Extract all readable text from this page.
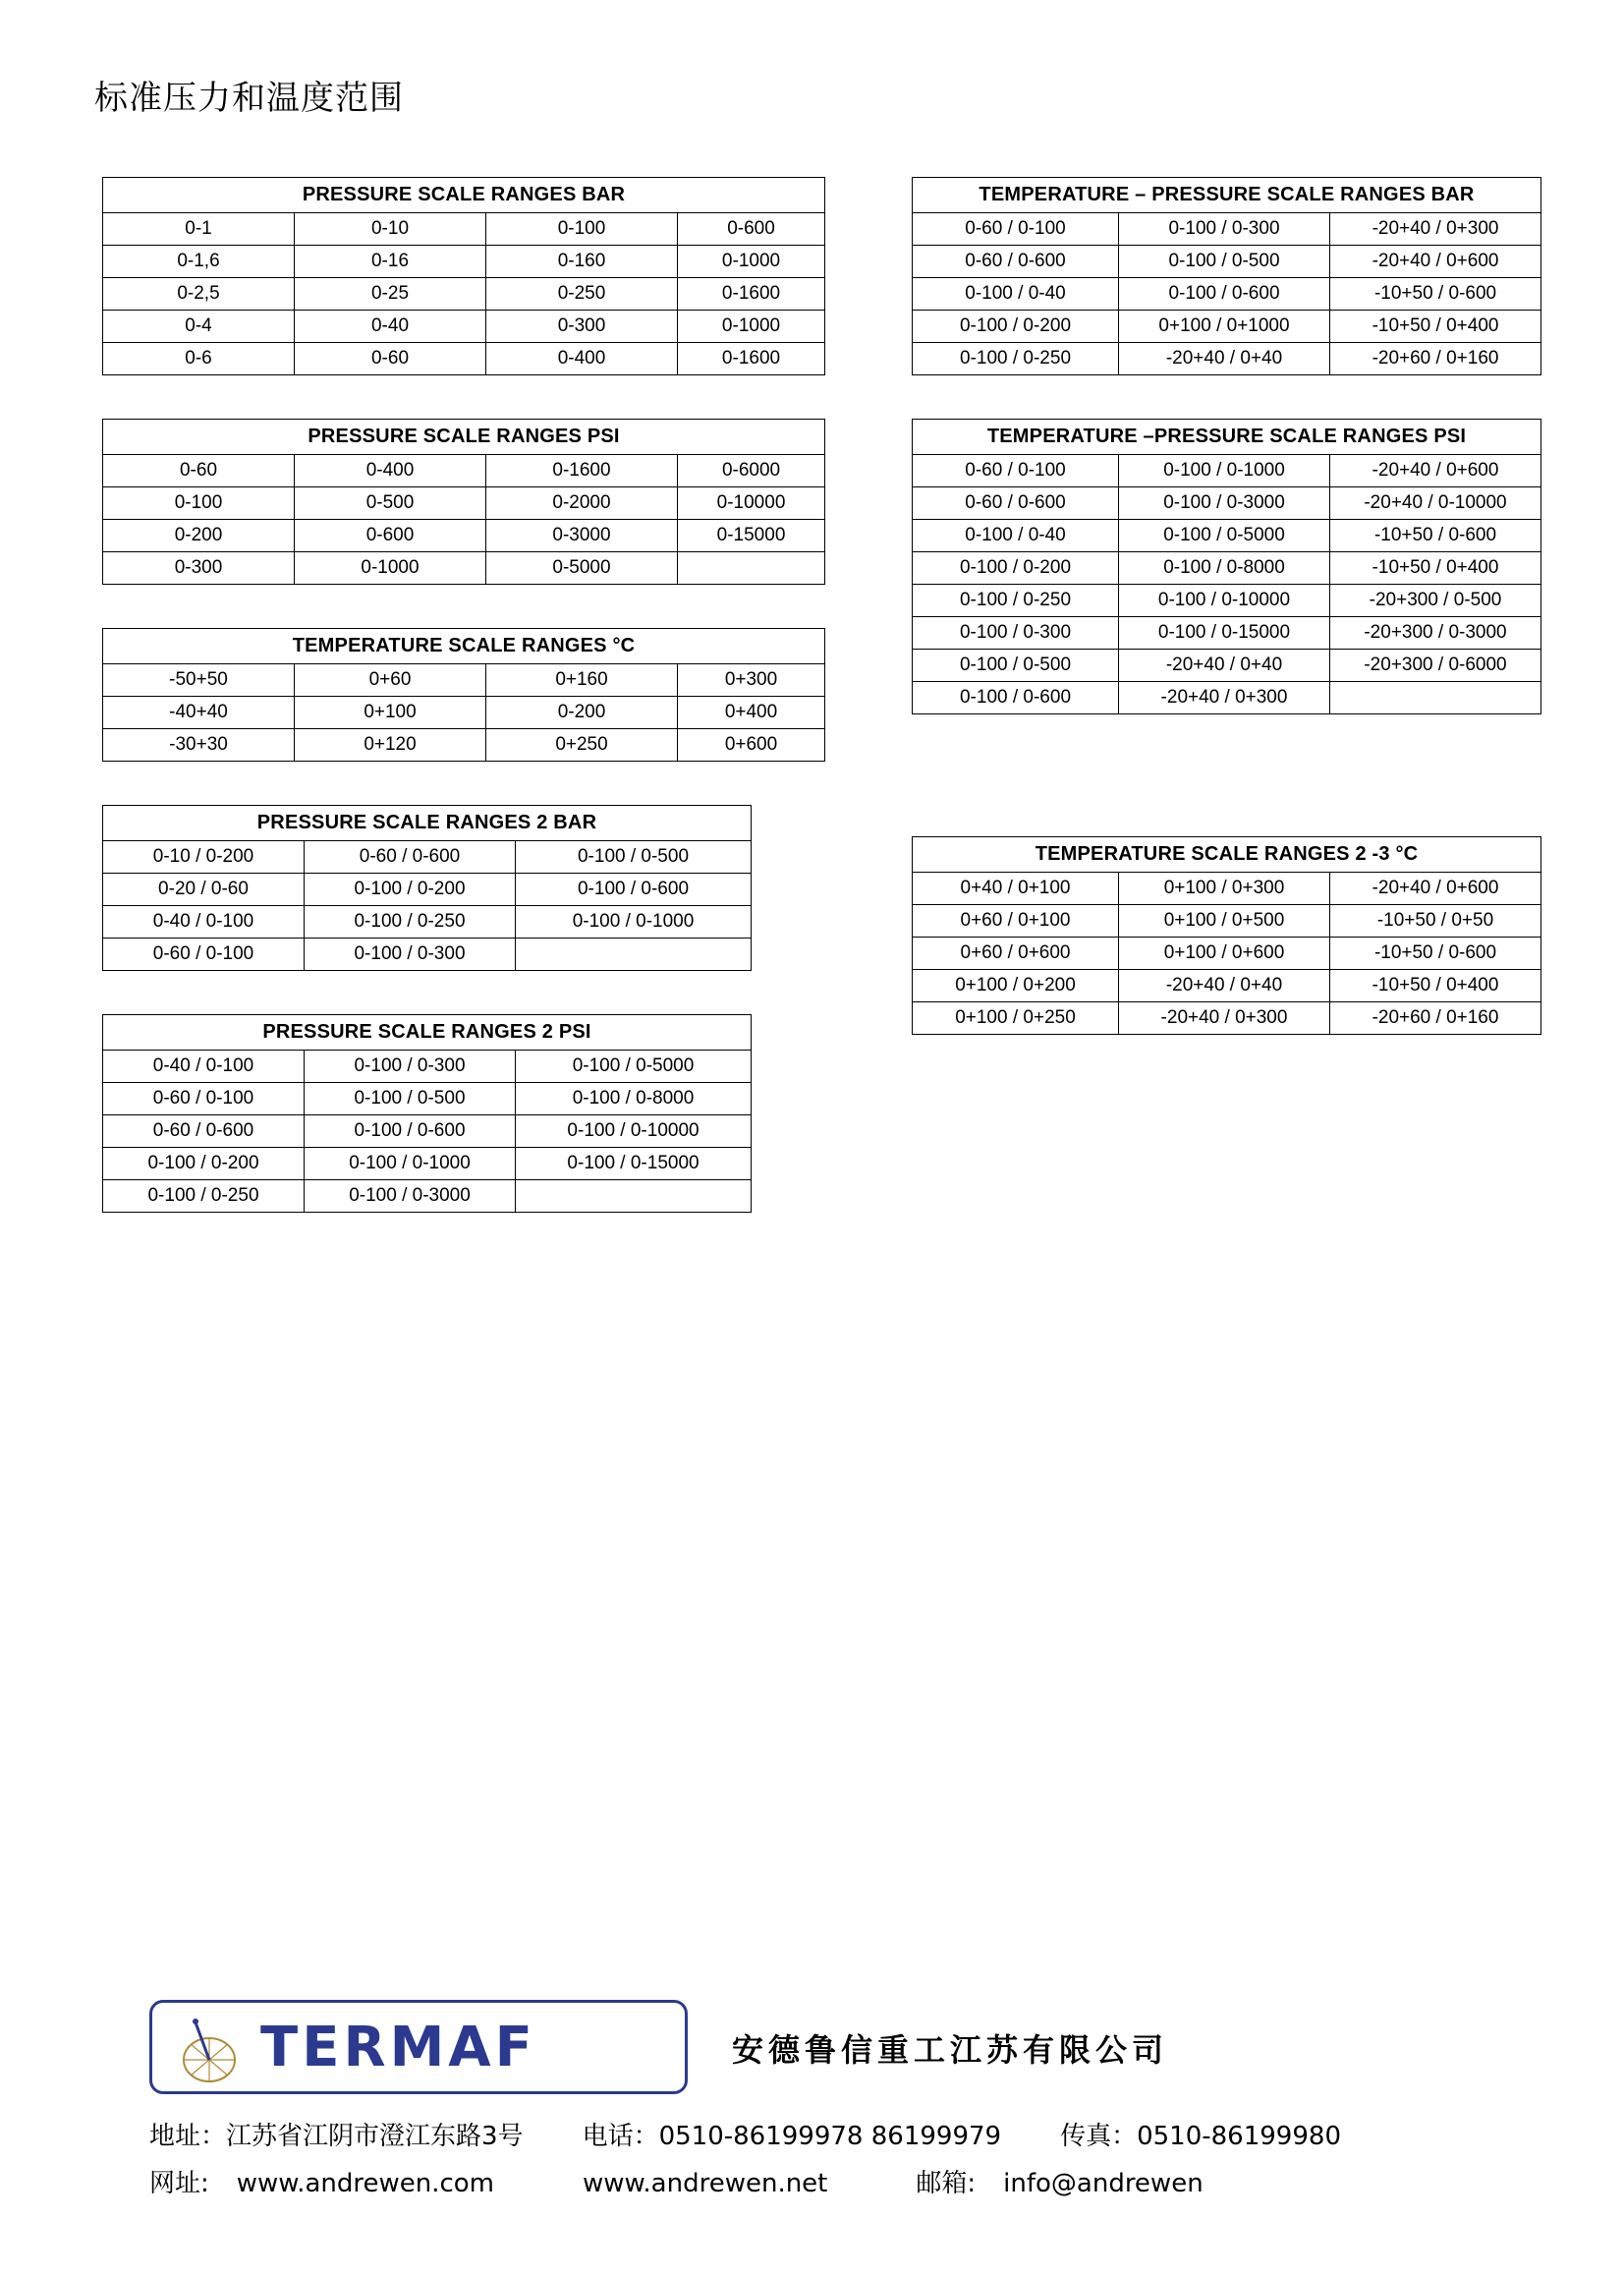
标准压力和温度范围
PRESSURE SCALE RANGES BAR			
0-1	0-10	0-100	0-600
0-1,6	0-16	0-160	0-1000
0-2,5	0-25	0-250	0-1600
0-4	0-40	0-300	0-1000
0-6	0-60	0-400	0-1600
PRESSURE SCALE RANGES PSI			
0-60	0-400	0-1600	0-6000
0-100	0-500	0-2000	0-10000
0-200	0-600	0-3000	0-15000
0-300	0-1000	0-5000	
TEMPERATURE SCALE RANGES °C			
-50+50	0+60	0+160	0+300
-40+40	0+100	0-200	0+400
-30+30	0+120	0+250	0+600
PRESSURE SCALE RANGES 2 BAR		
0-10 / 0-200	0-60 / 0-600	0-100 / 0-500
0-20 / 0-60	0-100 / 0-200	0-100 / 0-600
0-40 / 0-100	0-100 / 0-250	0-100 / 0-1000
0-60 / 0-100	0-100 / 0-300	
PRESSURE SCALE RANGES 2 PSI		
0-40 / 0-100	0-100 / 0-300	0-100 / 0-5000
0-60 / 0-100	0-100 / 0-500	0-100 / 0-8000
0-60 / 0-600	0-100 / 0-600	0-100 / 0-10000
0-100 / 0-200	0-100 / 0-1000	0-100 / 0-15000
0-100 / 0-250	0-100 / 0-3000	
TEMPERATURE – PRESSURE SCALE RANGES BAR		
0-60 / 0-100	0-100 / 0-300	-20+40 / 0+300
0-60 / 0-600	0-100 / 0-500	-20+40 / 0+600
0-100 / 0-40	0-100 / 0-600	-10+50 / 0-600
0-100 / 0-200	0+100 / 0+1000	-10+50 / 0+400
0-100 / 0-250	-20+40 / 0+40	-20+60 / 0+160
TEMPERATURE –PRESSURE SCALE RANGES PSI		
0-60 / 0-100	0-100 / 0-1000	-20+40 / 0+600
0-60 / 0-600	0-100 / 0-3000	-20+40 / 0-10000
0-100 / 0-40	0-100 / 0-5000	-10+50 / 0-600
0-100 / 0-200	0-100 / 0-8000	-10+50 / 0+400
0-100 / 0-250	0-100 / 0-10000	-20+300 / 0-500
0-100 / 0-300	0-100 / 0-15000	-20+300 / 0-3000
0-100 / 0-500	-20+40 / 0+40	-20+300 / 0-6000
0-100 / 0-600	-20+40 / 0+300	
TEMPERATURE SCALE RANGES 2 -3 °C		
0+40 / 0+100	0+100 / 0+300	-20+40 / 0+600
0+60 / 0+100	0+100 / 0+500	-10+50 / 0+50
0+60 / 0+600	0+100 / 0+600	-10+50 / 0-600
0+100 / 0+200	-20+40 / 0+40	-10+50 / 0+400
0+100 / 0+250	-20+40 / 0+300	-20+60 / 0+160
TERMAF	安德鲁信重工江苏有限公司
地址：江苏省江阴市澄江东路3号 电话：0510-86199978 86199979 传真：0510-86199980
网址: www.andrewen.com	www.andrewen.net	邮箱: info@andrewen
